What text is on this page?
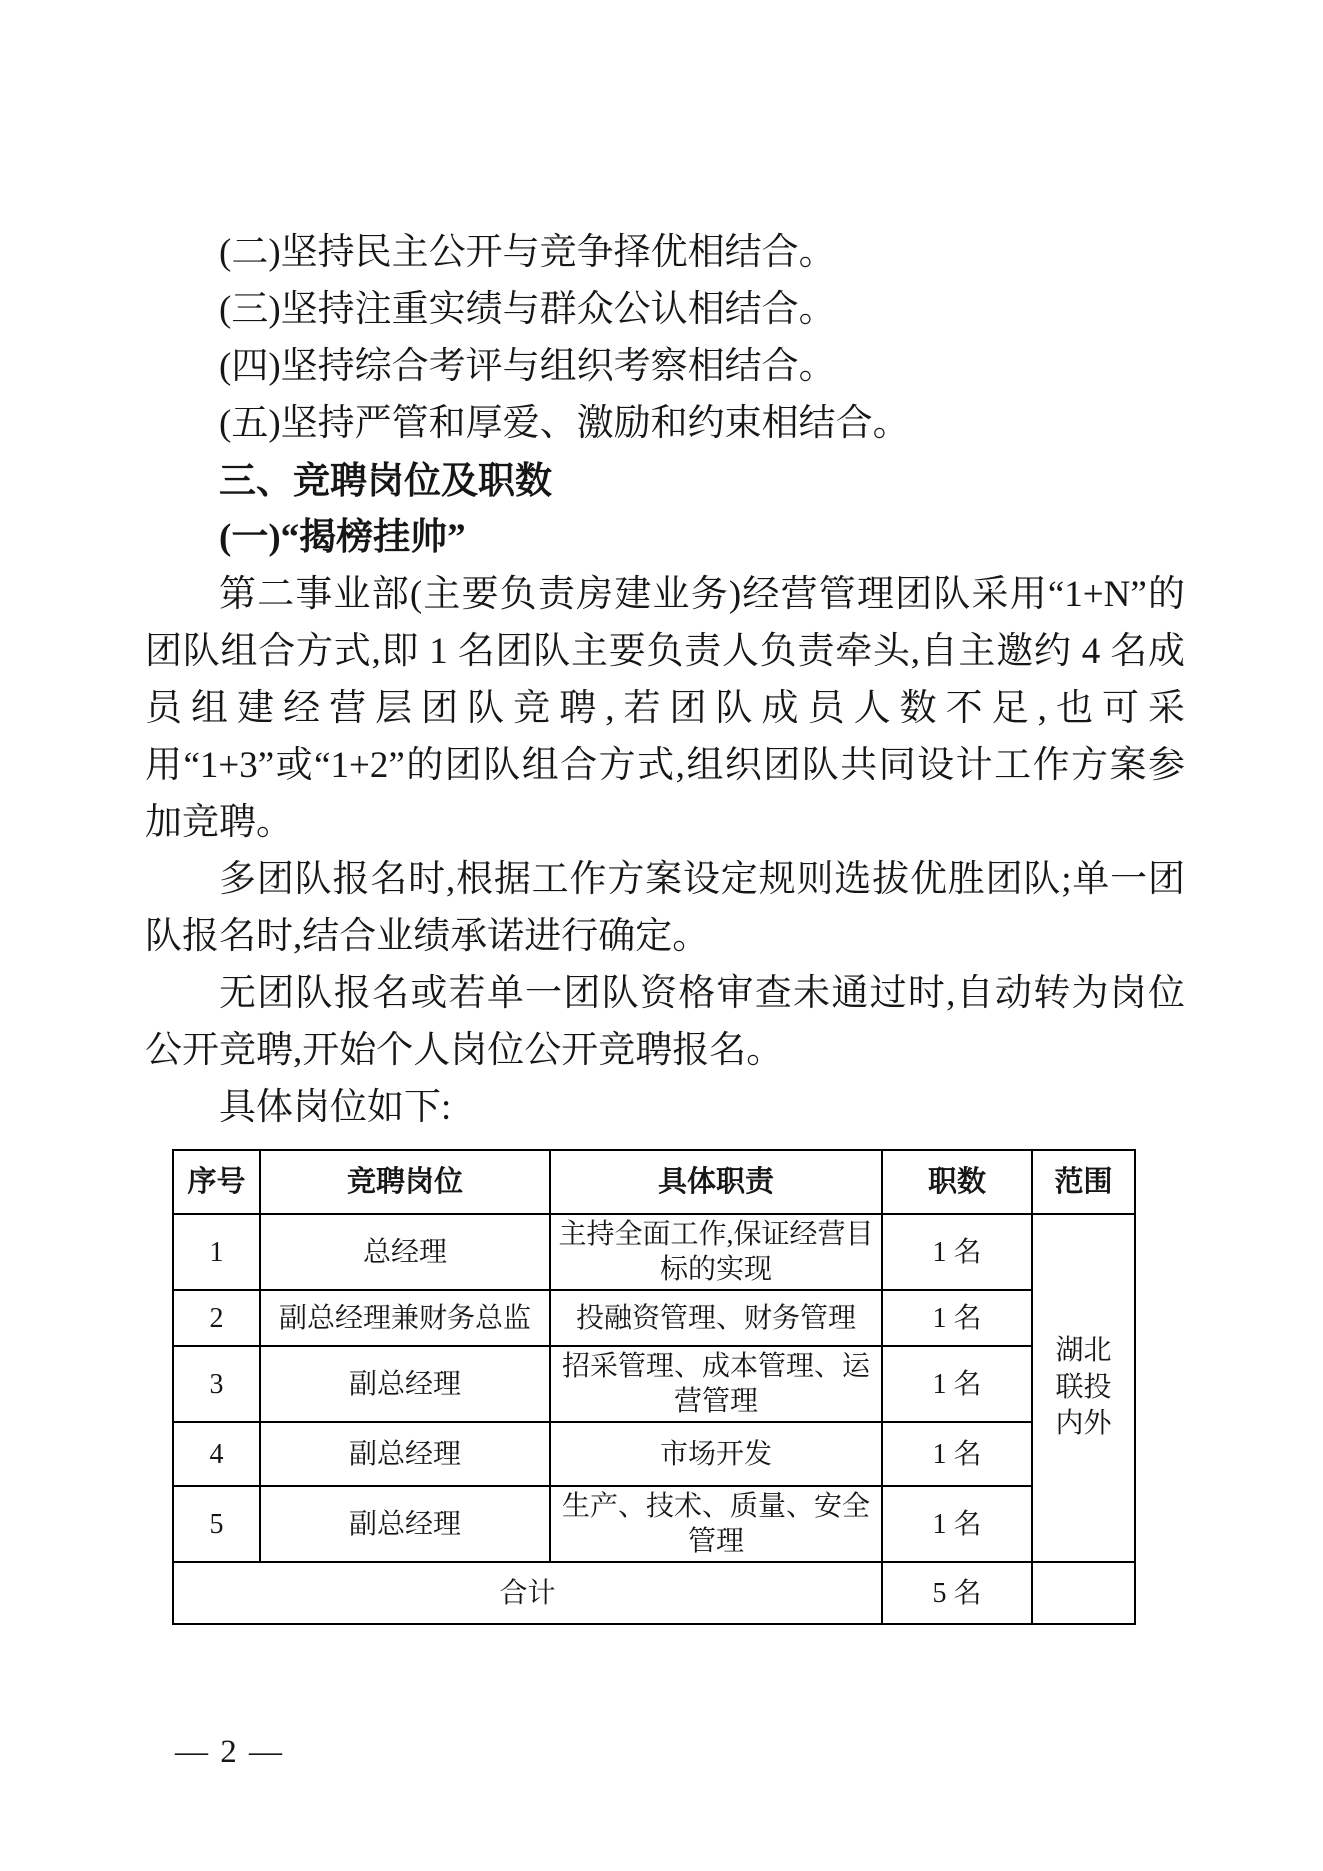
(二)坚持民主公开与竞争择优相结合。

(三)坚持注重实绩与群众公认相结合。

(四)坚持综合考评与组织考察相结合。

(五)坚持严管和厚爱、激励和约束相结合。

三、竞聘岗位及职数

(一)“揭榜挂帅”

第二事业部(主要负责房建业务)经营管理团队采用“1+N”的团队组合方式,即 1 名团队主要负责人负责牵头,自主邀约 4 名成员组建经营层团队竞聘,若团队成员人数不足,也可采用“1+3”或“1+2”的团队组合方式,组织团队共同设计工作方案参加竞聘。

多团队报名时,根据工作方案设定规则选拔优胜团队;单一团队报名时,结合业绩承诺进行确定。

无团队报名或若单一团队资格审查未通过时,自动转为岗位公开竞聘,开始个人岗位公开竞聘报名。

具体岗位如下:

序号	竞聘岗位	具体职责	职数	范围
1	总经理	主持全面工作,保证经营目标的实现	1 名	湖北联投内外

2	副总经理兼财务总监	投融资管理、财务管理	1 名	
3	副总经理	招采管理、成本管理、运营管理	1 名	
4	副总经理	市场开发	1 名	
5	副总经理	生产、技术、质量、安全管理	1 名	
合计			5 名	
— 2 —
